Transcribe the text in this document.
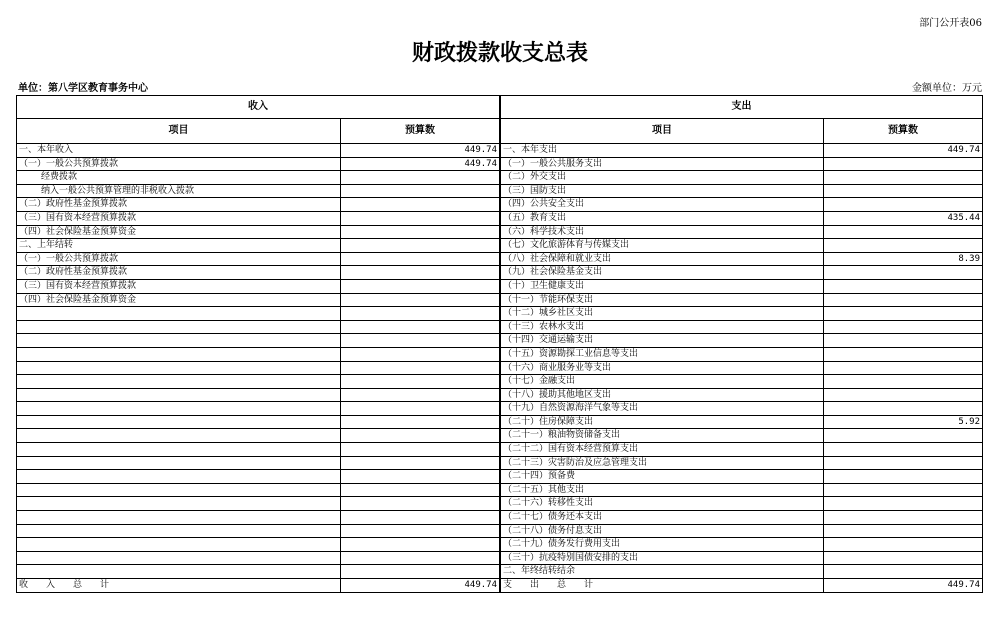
部门公开表06
财政拨款收支总表
单位：第八学区教育事务中心	金额单位：万元
收入		支出	
项目	预算数		项目	预算数
一、本年收入	449.74		一、本年支出	449.74
（一）一般公共预算拨款	449.74		（一）一般公共服务支出	
经费拨款			（二）外交支出	
纳入一般公共预算管理的非税收入拨款			（三）国防支出	
（二）政府性基金预算拨款			（四）公共安全支出	
（三）国有资本经营预算拨款			（五）教育支出	435.44
（四）社会保险基金预算资金			（六）科学技术支出	
二、上年结转			（七）文化旅游体育与传媒支出	
（一）一般公共预算拨款			（八）社会保障和就业支出	8.39
（二）政府性基金预算拨款			（九）社会保险基金支出	
（三）国有资本经营预算拨款			（十）卫生健康支出	
（四）社会保险基金预算资金			（十一）节能环保支出	
			（十二）城乡社区支出	
			（十三）农林水支出	
			（十四）交通运输支出	
			（十五）资源勘探工业信息等支出	
			（十六）商业服务业等支出	
			（十七）金融支出	
			（十八）援助其他地区支出	
			（十九）自然资源海洋气象等支出	
			（二十）住房保障支出	5.92
			（二十一）粮油物资储备支出	
			（二十二）国有资本经营预算支出	
			（二十三）灾害防治及应急管理支出	
			（二十四）预备费	
			（二十五）其他支出	
			（二十六）转移性支出	
			（二十七）债务还本支出	
			（二十八）债务付息支出	
			（二十九）债务发行费用支出	
			（三十）抗疫特别国债安排的支出	
			二、年终结转结余	
收　　入　　总　　计	449.74		支　　出　　总　　计	449.74
